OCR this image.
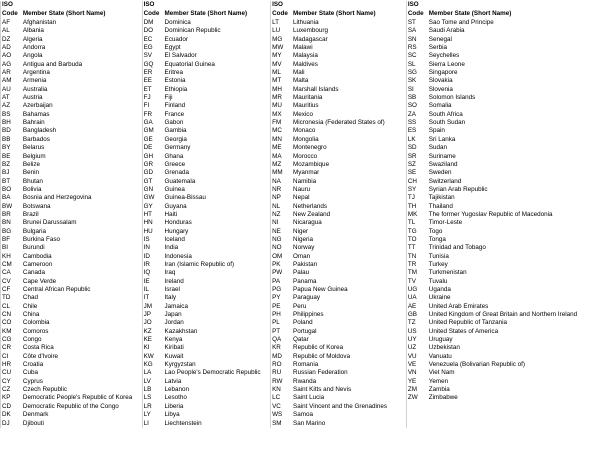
ISO		ISO		ISO		ISO	
Code	Member State (Short Name)	Code	Member State (Short Name)	Code	Member State (Short Name)	Code	Member State (Short Name)
AF	Afghanistan	DM	Dominica	LT	Lithuania	ST	Sao Tome and Principe
AL	Albania	DO	Dominican Republic	LU	Luxembourg	SA	Saudi Arabia
DZ	Algeria	EC	Ecuador	MG	Madagascar	SN	Senegal
AD	Andorra	EG	Egypt	MW	Malawi	RS	Serbia
AO	Angola	SV	El Salvador	MY	Malaysia	SC	Seychelles
AG	Antigua and Barbuda	GQ	Equatorial Guinea	MV	Maldives	SL	Sierra Leone
AR	Argentina	ER	Eritrea	ML	Mali	SG	Singapore
AM	Armenia	EE	Estonia	MT	Malta	SK	Slovakia
AU	Australia	ET	Ethiopia	MH	Marshall Islands	SI	Slovenia
AT	Austria	FJ	Fiji	MR	Mauritania	SB	Solomon Islands
AZ	Azerbaijan	FI	Finland	MU	Mauritius	SO	Somalia
BS	Bahamas	FR	France	MX	Mexico	ZA	South Africa
BH	Bahrain	GA	Gabon	FM	Micronesia (Federated States of)	SS	South Sudan
BD	Bangladesh	GM	Gambia	MC	Monaco	ES	Spain
BB	Barbados	GE	Georgia	MN	Mongolia	LK	Sri Lanka
BY	Belarus	DE	Germany	ME	Montenegro	SD	Sudan
BE	Belgium	GH	Ghana	MA	Morocco	SR	Suriname
BZ	Belize	GR	Greece	MZ	Mozambique	SZ	Swaziland
BJ	Benin	GD	Grenada	MM	Myanmar	SE	Sweden
BT	Bhutan	GT	Guatemala	NA	Namibia	CH	Switzerland
BO	Bolivia	GN	Guinea	NR	Nauru	SY	Syrian Arab Republic
BA	Bosnia and Herzegovina	GW	Guinea-Bissau	NP	Nepal	TJ	Tajikistan
BW	Botswana	GY	Guyana	NL	Netherlands	TH	Thailand
BR	Brazil	HT	Haiti	NZ	New Zealand	MK	The former Yugoslav Republic of Macedonia
BN	Brunei Darussalam	HN	Honduras	NI	Nicaragua	TL	Timor-Leste
BG	Bulgaria	HU	Hungary	NE	Niger	TG	Togo
BF	Burkina Faso	IS	Iceland	NG	Nigeria	TO	Tonga
BI	Burundi	IN	India	NO	Norway	TT	Trinidad and Tobago
KH	Cambodia	ID	Indonesia	OM	Oman	TN	Tunisia
CM	Cameroon	IR	Iran (Islamic Republic of)	PK	Pakistan	TR	Turkey
CA	Canada	IQ	Iraq	PW	Palau	TM	Turkmenistan
CV	Cape Verde	IE	Ireland	PA	Panama	TV	Tuvalu
CF	Central African Republic	IL	Israel	PG	Papua New Guinea	UG	Uganda
TD	Chad	IT	Italy	PY	Paraguay	UA	Ukraine
CL	Chile	JM	Jamaica	PE	Peru	AE	United Arab Emirates
CN	China	JP	Japan	PH	Philippines	GB	United Kingdom of Great Britain and Northern Ireland
CO	Colombia	JO	Jordan	PL	Poland	TZ	United Republic of Tanzania
KM	Comoros	KZ	Kazakhstan	PT	Portugal	US	United States of America
CG	Congo	KE	Kenya	QA	Qatar	UY	Uruguay
CR	Costa Rica	KI	Kiribati	KR	Republic of Korea	UZ	Uzbekistan
CI	Côte d'Ivoire	KW	Kuwait	MD	Republic of Moldova	VU	Vanuatu
HR	Croatia	KG	Kyrgyzstan	RO	Romania	VE	Venezuela (Bolivarian Republic of)
CU	Cuba	LA	Lao People's Democratic Republic	RU	Russian Federation	VN	Viet Nam
CY	Cyprus	LV	Latvia	RW	Rwanda	YE	Yemen
CZ	Czech Republic	LB	Lebanon	KN	Saint Kitts and Nevis	ZM	Zambia
KP	Democratic People's Republic of Korea	LS	Lesotho	LC	Saint Lucia	ZW	Zimbabwe
CD	Democratic Republic of the Congo	LR	Liberia	VC	Saint Vincent and the Grenadines		
DK	Denmark	LY	Libya	WS	Samoa		
DJ	Djibouti	LI	Liechtenstein	SM	San Marino		
